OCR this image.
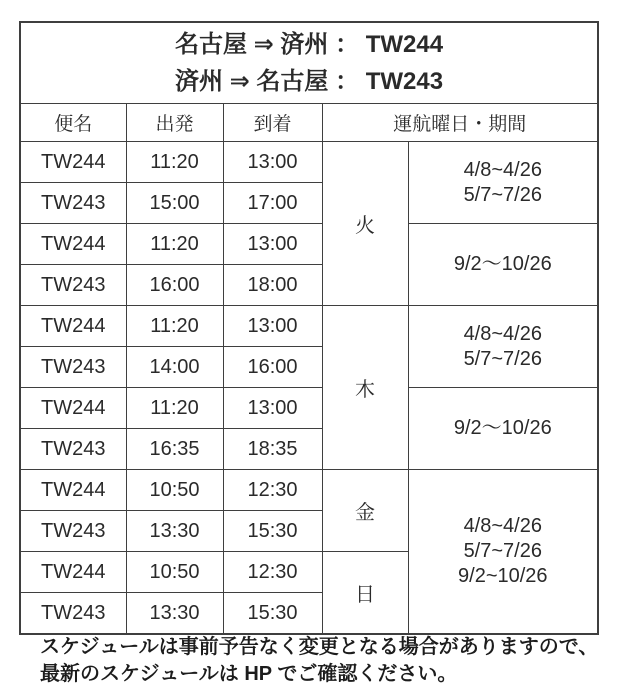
名古屋 ⇒ 済州 ： TW244
済州 ⇒ 名古屋 ： TW243				

便名	出発	到着	運航曜日・期間	
TW244	11:20	13:00	火	4/8~4/26
5/7~7/26

TW243	15:00	17:00		
TW244	11:20	13:00		9/2～10/26

TW243	16:00	18:00		
TW244	11:20	13:00	木	4/8~4/26
5/7~7/26

TW243	14:00	16:00		
TW244	11:20	13:00		9/2～10/26

TW243	16:35	18:35		
TW244	10:50	12:30	金	4/8~4/26
5/7~7/26
9/2~10/26

TW243	13:30	15:30		
TW244	10:50	12:30	日	
TW243	13:30	15:30		
スケジュールは事前予告なく変更となる場合がありますので、
最新のスケジュールは HP でご確認ください。
